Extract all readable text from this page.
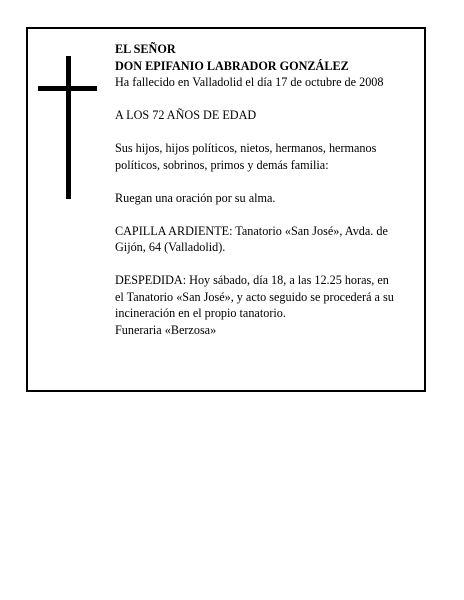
EL SEÑOR

DON EPIFANIO LABRADOR GONZÁLEZ

Ha fallecido en Valladolid el día 17 de octubre de 2008

A LOS 72 AÑOS DE EDAD

Sus hijos, hijos políticos, nietos, hermanos, hermanos

políticos, sobrinos, primos y demás familia:

Ruegan una oración por su alma.

CAPILLA ARDIENTE: Tanatorio «San José», Avda. de

Gijón, 64 (Valladolid).

DESPEDIDA: Hoy sábado, día 18, a las 12.25 horas, en

el Tanatorio «San José», y acto seguido se procederá a su

incineración en el propio tanatorio.

Funeraria «Berzosa»
